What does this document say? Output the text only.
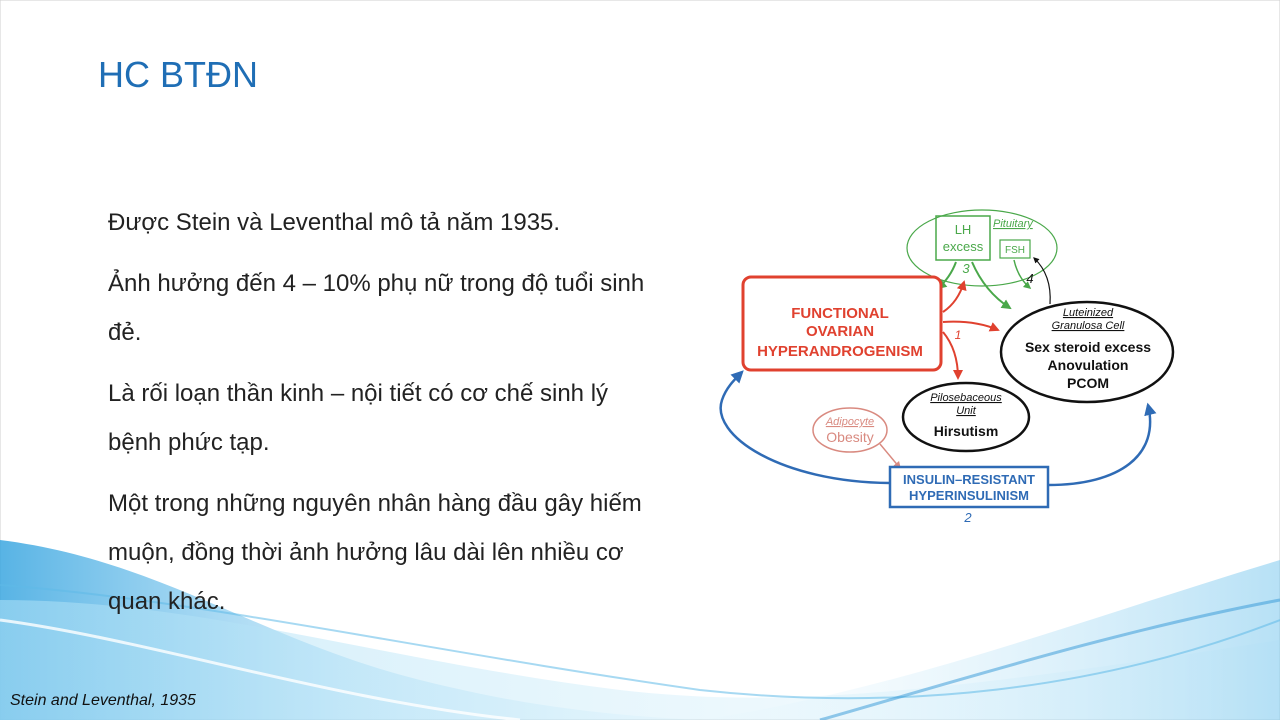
HC BTĐN

Được Stein và Leventhal mô tả năm 1935.

Ảnh hưởng đến 4 – 10% phụ nữ trong độ tuổi sinh đẻ.

Là rối loạn thần kinh – nội tiết có cơ chế sinh lý bệnh phức tạp.

Một trong những nguyên nhân hàng đầu gây hiếm muộn, đồng thời ảnh hưởng lâu dài lên nhiều cơ quan khác.

Pituitary
LH
excess FSH
3
4
FUNCTIONAL
OVARIAN
HYPERANDROGENISM
1
Luteinized
Granulosa Cell
Sex steroid excess
Anovulation
PCOM
Pilosebaceous
Unit
Hirsutism
Adipocyte
Obesity
INSULIN–RESISTANT
HYPERINSULINISM
2
Stein and Leventhal, 1935
